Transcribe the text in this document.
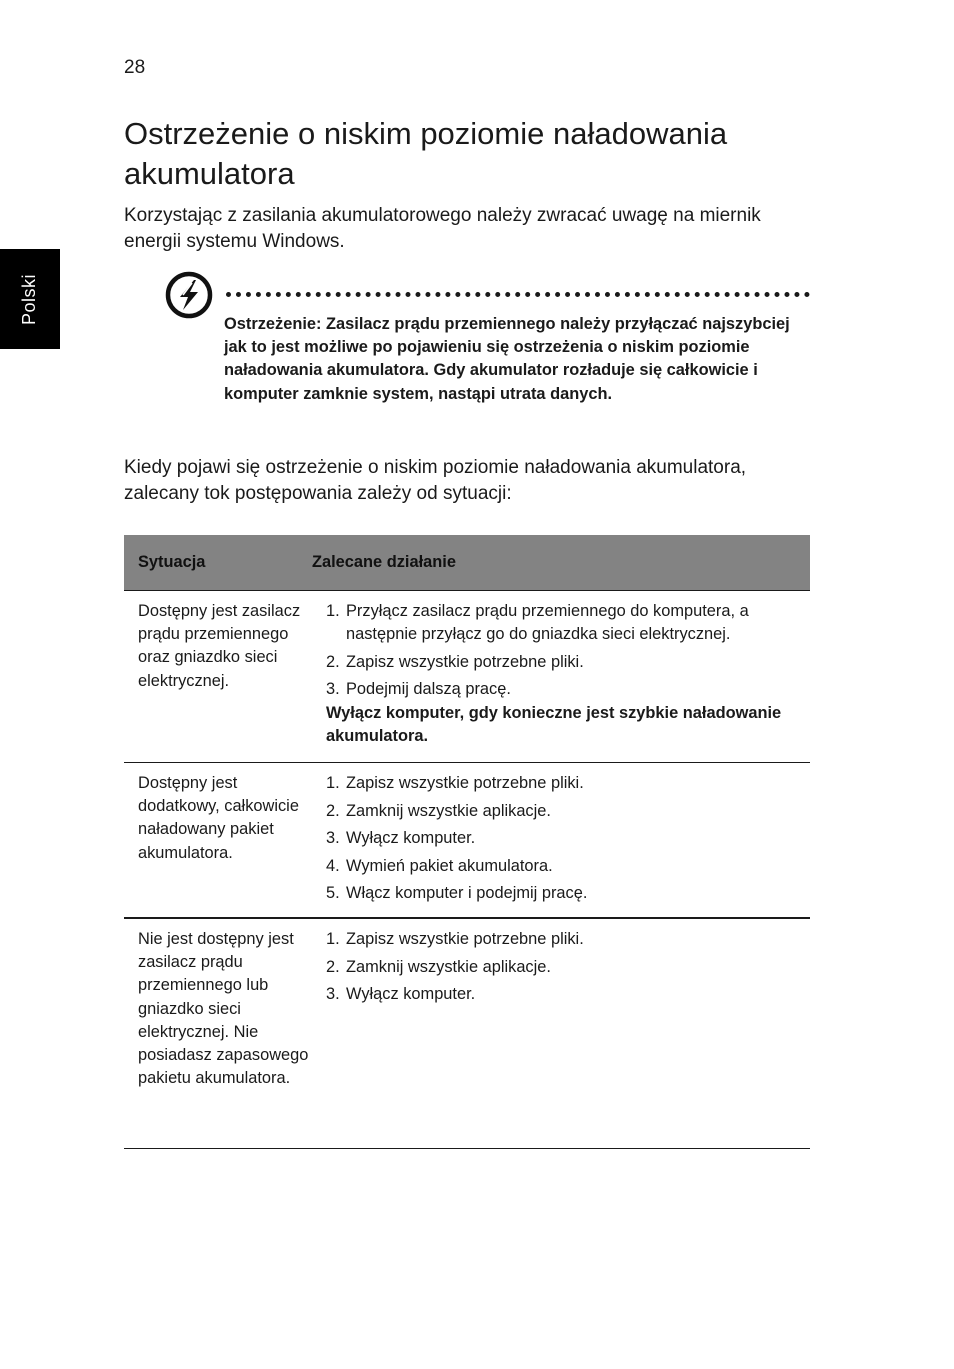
28
Polski
Ostrzeżenie o niskim poziomie naładowania akumulatora

Korzystając z zasilania akumulatorowego należy zwracać uwagę na miernik energii systemu Windows.

Ostrzeżenie: Zasilacz prądu przemiennego należy przyłączać najszybciej jak to jest możliwe po pojawieniu się ostrzeżenia o niskim poziomie naładowania akumulatora. Gdy akumulator rozładuje się całkowicie i komputer zamknie system, nastąpi utrata danych.

Kiedy pojawi się ostrzeżenie o niskim poziomie naładowania akumulatora, zalecany tok postępowania zależy od sytuacji:

Sytuacja	Zalecane działanie
Dostępny jest zasilacz prądu przemiennego oraz gniazdko sieci elektrycznej.
1. Przyłącz zasilacz prądu przemiennego do komputera, a następnie przyłącz go do gniazdka sieci elektrycznej.
2. Zapisz wszystkie potrzebne pliki.
3. Podejmij dalszą pracę.
Wyłącz komputer, gdy konieczne jest szybkie naładowanie akumulatora.
Dostępny jest dodatkowy, całkowicie naładowany pakiet akumulatora.
1. Zapisz wszystkie potrzebne pliki.
2. Zamknij wszystkie aplikacje.
3. Wyłącz komputer.
4. Wymień pakiet akumulatora.
5. Włącz komputer i podejmij pracę.
Nie jest dostępny jest zasilacz prądu przemiennego lub gniazdko sieci elektrycznej. Nie posiadasz zapasowego pakietu akumulatora.
1. Zapisz wszystkie potrzebne pliki.
2. Zamknij wszystkie aplikacje.
3. Wyłącz komputer.
